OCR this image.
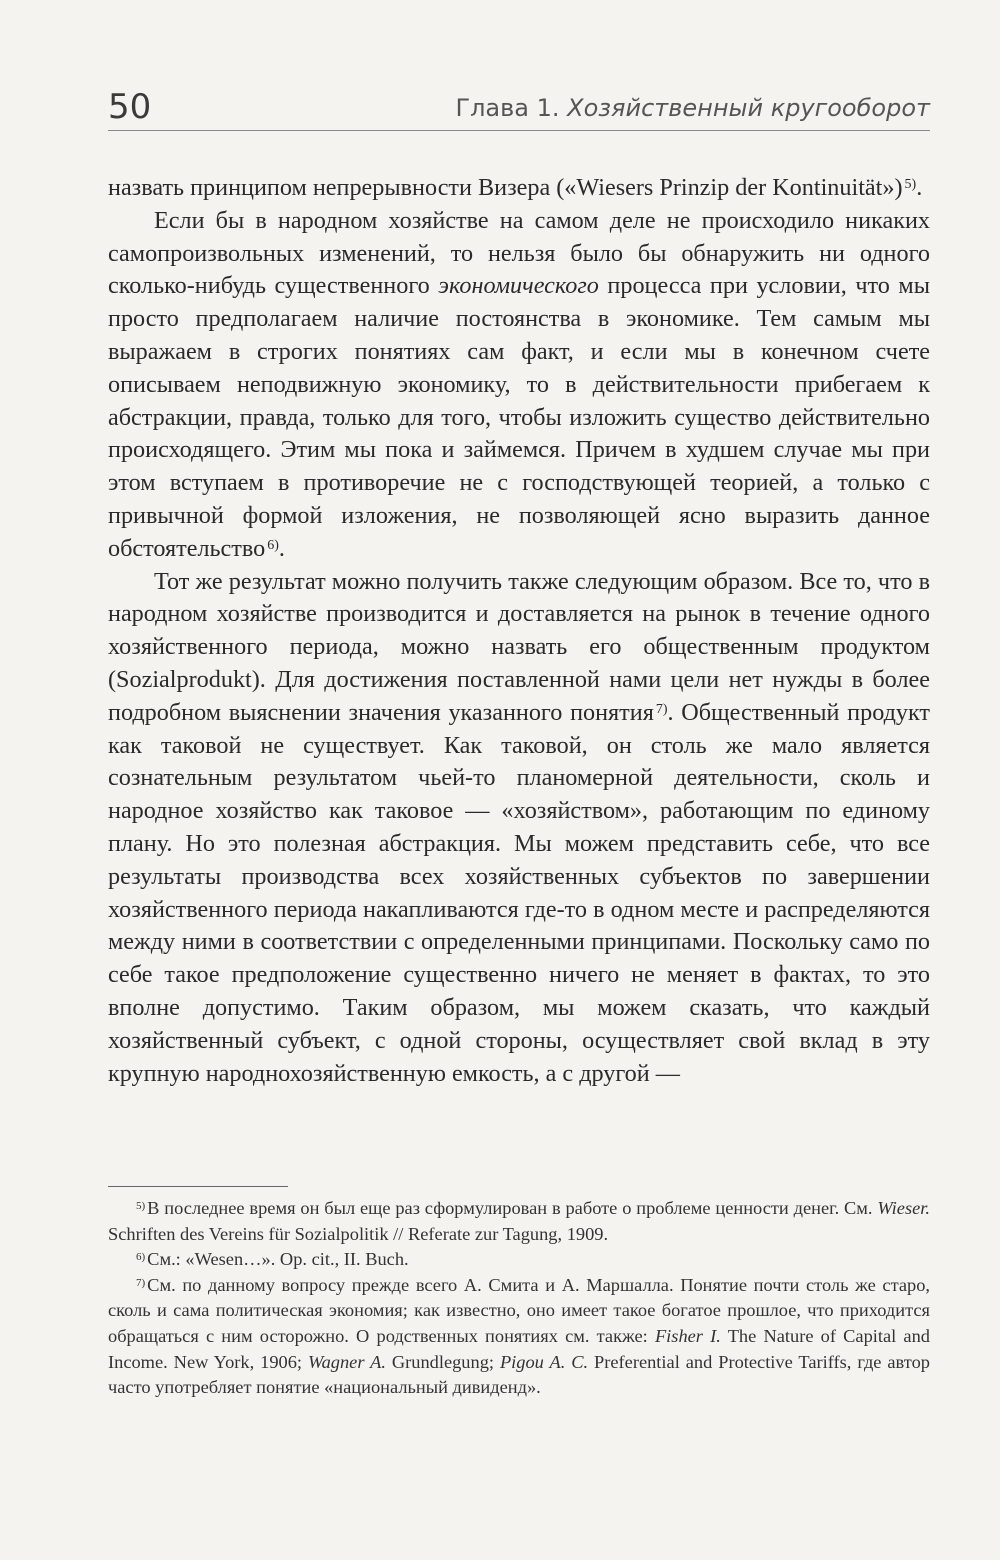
50	Глава 1. Хозяйственный кругооборот

назвать принципом непрерывности Визера («Wiesers Prinzip der Kontinuität») $^{5)}$.

Если бы в народном хозяйстве на самом деле не происходило никаких самопроизвольных изменений, то нельзя было бы обнаружить ни одного сколько-нибудь существенного экономического процесса при условии, что мы просто предполагаем наличие постоянства в экономике. Тем самым мы выражаем в строгих понятиях сам факт, и если мы в конечном счете описываем неподвижную экономику, то в действительности прибегаем к абстракции, правда, только для того, чтобы изложить существо действительно происходящего. Этим мы пока и займемся. Причем в худшем случае мы при этом вступаем в противоречие не с господствующей теорией, а только с привычной формой изложения, не позволяющей ясно выразить данное обстоятельство $^{6)}$.

Тот же результат можно получить также следующим образом. Все то, что в народном хозяйстве производится и доставляется на рынок в течение одного хозяйственного периода, можно назвать его общественным продуктом (Sozialprodukt). Для достижения поставленной нами цели нет нужды в более подробном выяснении значения указанного понятия $^{7)}$. Общественный продукт как таковой не существует. Как таковой, он столь же мало является сознательным результатом чьей-то планомерной деятельности, сколь и народное хозяйство как таковое — «хозяйством», работающим по единому плану. Но это полезная абстракция. Мы можем представить себе, что все результаты производства всех хозяйственных субъектов по завершении хозяйственного периода накапливаются где-то в одном месте и распределяются между ними в соответствии с определенными принципами. Поскольку само по себе такое предположение существенно ничего не меняет в фактах, то это вполне допустимо. Таким образом, мы можем сказать, что каждый хозяйственный субъект, с одной стороны, осуществляет свой вклад в эту крупную народнохозяйственную емкость, а с другой —

$^{5)}$ В последнее время он был еще раз сформулирован в работе о проблеме ценности денег. См. Wieser. Schriften des Vereins für Sozialpolitik // Referate zur Tagung, 1909.

$^{6)}$ См.: «Wesen…». Op. cit., II. Buch.

$^{7)}$ См. по данному вопросу прежде всего А. Смита и А. Маршалла. Понятие почти столь же старо, сколь и сама политическая экономия; как известно, оно имеет такое богатое прошлое, что приходится обращаться с ним осторожно. О родственных понятиях см. также: Fisher I. The Nature of Capital and Income. New York, 1906; Wagner A. Grundlegung; Pigou A. C. Preferential and Protective Tariffs, где автор часто употребляет понятие «национальный дивиденд».
